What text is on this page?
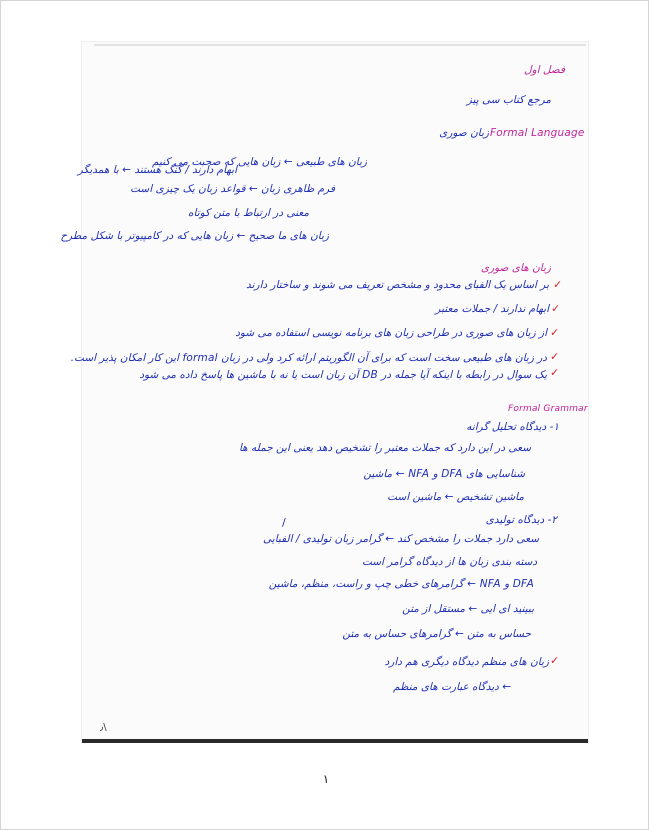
فصل اول
مرجع کتاب سی پیز
زبان صوری Formal Language
زبان های طبیعی ← زبان هایی که صحبت می کنیم
ابهام دارند / گنگ هستند ← با همدیگر
فرم ظاهری زبان ← قواعد زبان یک چیزی است
معنی در ارتباط با متن کوتاه
زبان های ما صحیح ← زبان هایی که در کامپیوتر با شکل مطرح
زبان های صوری
✓
بر اساس یک الفبای محدود و مشخص تعریف می شوند و ساختار دارند
✓
ابهام ندارند / جملات معتبر
✓
از زبان های صوری در طراحی زبان های برنامه نویسی استفاده می شود
✓
در زبان های طبیعی سخت است که برای آن الگوریتم ارائه کرد ولی در زبان formal این کار امکان پذیر است.
✓
یک سوال در رابطه با اینکه آیا جمله در DB آن زبان است یا نه با ماشین ها پاسخ داده می شود
Formal Grammar
۱- دیدگاه تحلیل گرانه
سعی در این دارد که جملات معتبر را تشخیص دهد یعنی این جمله ها
شناسایی های DFA و NFA ← ماشین
ماشین تشخیص ← ماشین است
۲- دیدگاه تولیدی
/
سعی دارد جملات را مشخص کند ← گرامر زبان تولیدی / الفبایی
دسته بندی زبان ها از دیدگاه گرامر است
DFA و NFA ← گرامرهای خطی چپ و راست، منظم، ماشین
ببینید ای ایی ← مستقل از متن
حساس به متن ← گرامرهای حساس به متن
✓
زبان های منظم دیدگاه دیگری هم دارد
← دیدگاه عبارت های منظم
٫\
١
